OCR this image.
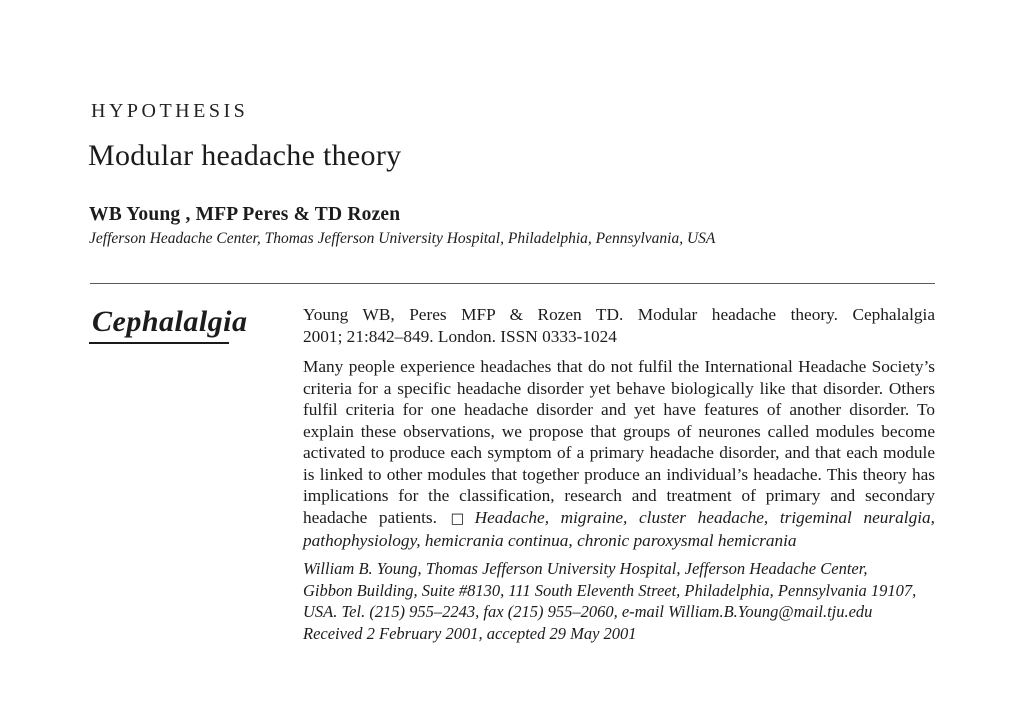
HYPOTHESIS
Modular headache theory
WB Young , MFP Peres & TD Rozen
Jefferson Headache Center, Thomas Jefferson University Hospital, Philadelphia, Pennsylvania, USA
Cephalalgia	Young WB, Peres MFP & Rozen TD. Modular headache theory. Cephalalgia
2001; 21:842–849. London. ISSN 0333-1024
Many people experience headaches that do not fulfil the International Headache Society’s criteria for a specific headache disorder yet behave biologically like that disorder. Others fulfil criteria for one headache disorder and yet have features of another disorder. To explain these observations, we propose that groups of neurones called modules become activated to produce each symptom of a primary headache disorder, and that each module is linked to other modules that together produce an individual’s headache. This theory has implications for the classification, research and treatment of primary and secondary headache patients. □ Headache, migraine, cluster headache, trigeminal neuralgia, pathophysiology, hemicrania continua, chronic paroxysmal hemicrania
William B. Young, Thomas Jefferson University Hospital, Jefferson Headache Center,
Gibbon Building, Suite #8130, 111 South Eleventh Street, Philadelphia, Pennsylvania 19107,
USA. Tel. (215) 955–2243, fax (215) 955–2060, e-mail William.B.Young@mail.tju.edu
Received 2 February 2001, accepted 29 May 2001
